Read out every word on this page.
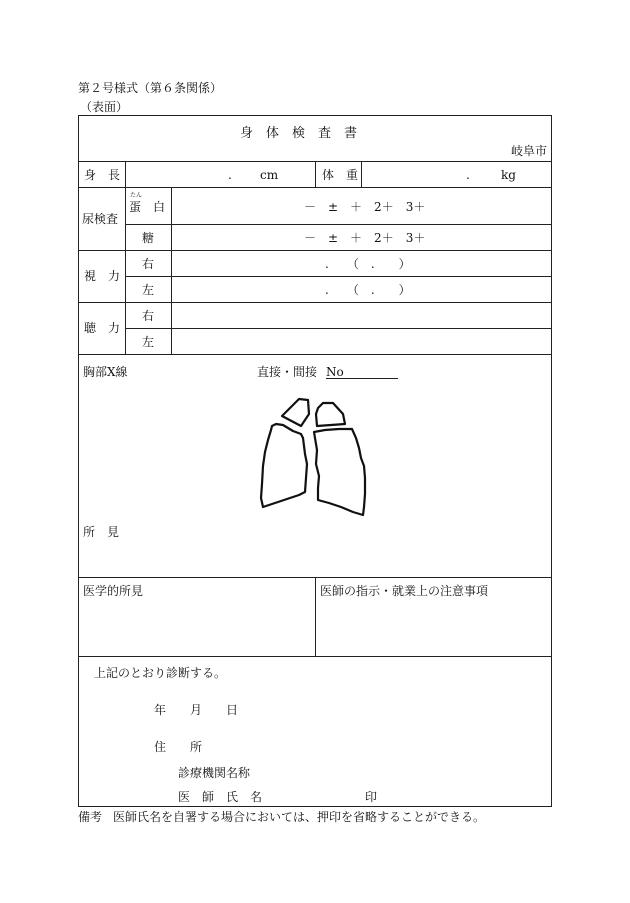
第２号様式（第６条関係）
（表面）
身　体　検　査　書
岐阜市
身　長	. cm	体　重	.	kg
尿検査
たん
蛋　白	－　±　＋　2＋　3＋
糖	－　±　＋　2＋　3＋
視　力
右	.　　（　.　　）
左	.　　（　.　　）
聴　力
右
左
胸部X線	直接・間接 No
所　見
医学的所見	医師の指示・就業上の注意事項
上記のとおり診断する。
年　　月　　日
住　　所
診療機関名称
医　師　氏　名	印
備考 医師氏名を自署する場合においては、押印を省略することができる。
